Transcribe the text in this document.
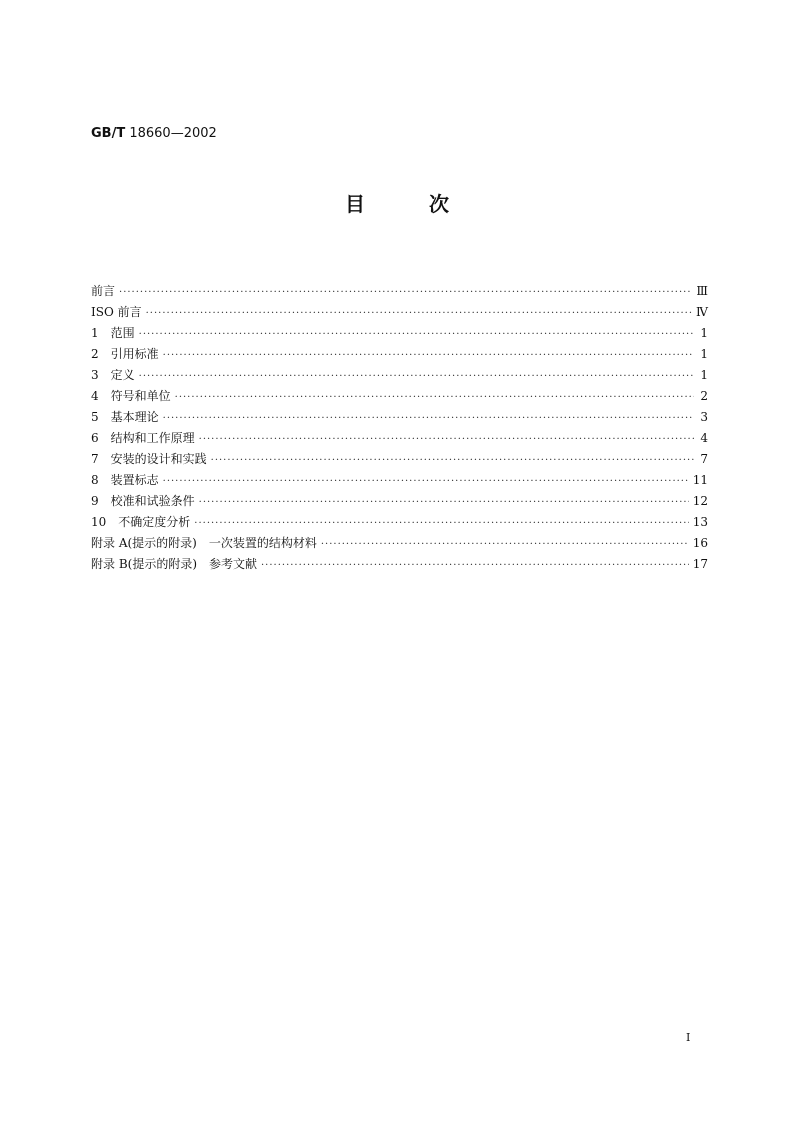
GB/T 18660—2002
目	次
前言 ·····	Ⅲ
ISO 前言 ·····	Ⅳ
1　范围 ·····	1
2　引用标准 ·····	1
3　定义 ·····	1
4　符号和单位 ·····	2
5　基本理论 ·····	3
6　结构和工作原理 ·····	4
7　安装的设计和实践 ·····	7
8　装置标志 ·····	11
9　校准和试验条件 ·····	12
10　不确定度分析 ·····	13
附录 A(提示的附录)　一次装置的结构材料 ·····	16
附录 B(提示的附录)　参考文献 ·····	17
I
